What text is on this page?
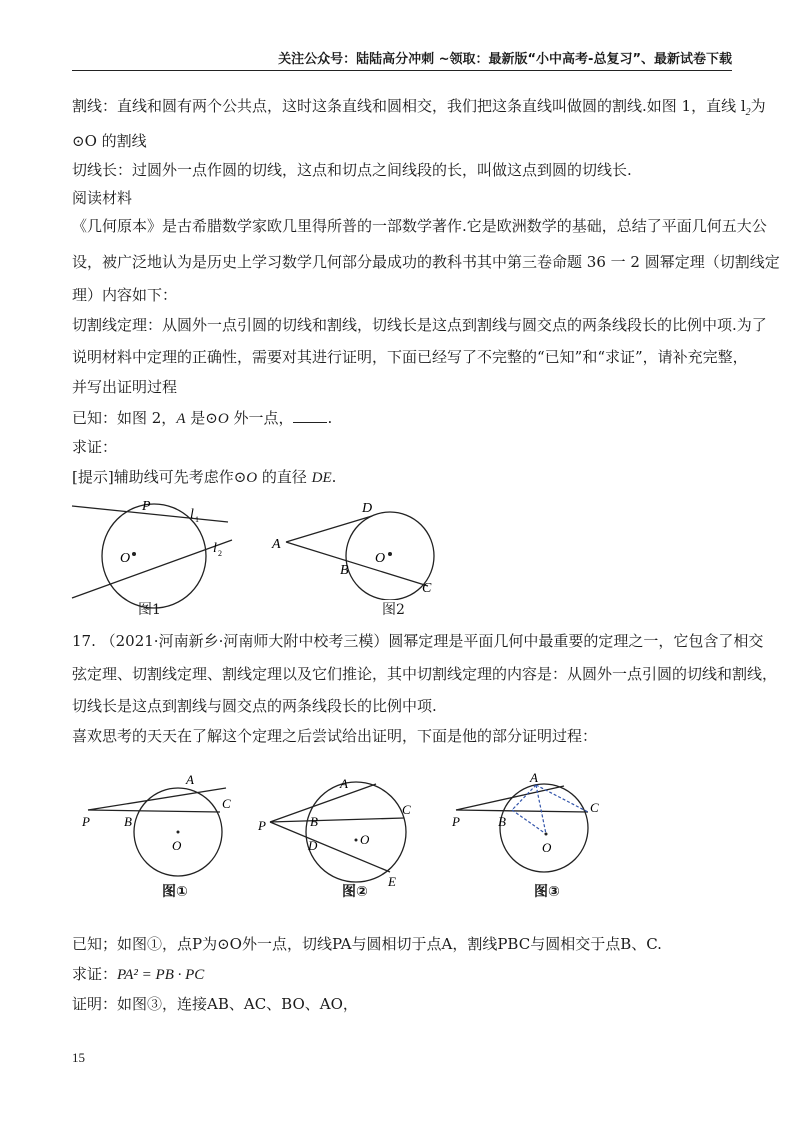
关注公众号：陆陆高分冲刺 ~领取：最新版“小中高考-总复习”、最新试卷下载
割线：直线和圆有两个公共点，这时这条直线和圆相交，我们把这条直线叫做圆的割线.如图 1，直线 $l_2$为
⊙O 的割线
切线长：过圆外一点作圆的切线，这点和切点之间线段的长，叫做这点到圆的切线长.
阅读材料
《几何原本》是古希腊数学家欧几里得所普的一部数学著作.它是欧洲数学的基础，总结了平面几何五大公
设，被广泛地认为是历史上学习数学几何部分最成功的教科书其中第三卷命题 36 一 2 圆幂定理（切割线定
理）内容如下：
切割线定理：从圆外一点引圆的切线和割线，切线长是这点到割线与圆交点的两条线段长的比例中项.为了
说明材料中定理的正确性，需要对其进行证明，下面已经写了不完整的“已知”和“求证”，请补充完整，
并写出证明过程
已知：如图 2，A 是⊙O 外一点， .
求证：
[提示]辅助线可先考虑作⊙O 的直径 DE.
P
l 1
l 2
O
图1
A
D
B
C
O
图2
17. （2021·河南新乡·河南师大附中校考三模）圆幂定理是平面几何中最重要的定理之一，它包含了相交
弦定理、切割线定理、割线定理以及它们推论，其中切割线定理的内容是：从圆外一点引圆的切线和割线，
切线长是这点到割线与圆交点的两条线段长的比例中项.
喜欢思考的天天在了解这个定理之后尝试给出证明，下面是他的部分证明过程：
A
P	B
C
O
图①
A
P	B
C
D
E
O
图②
A
P	B
C
O
图③
已知；如图①，点P为⊙O外一点，切线PA与圆相切于点A，割线PBC与圆相交于点B、C.
求证：PA² = PB · PC
证明：如图③，连接AB、AC、BO、AO，
15
